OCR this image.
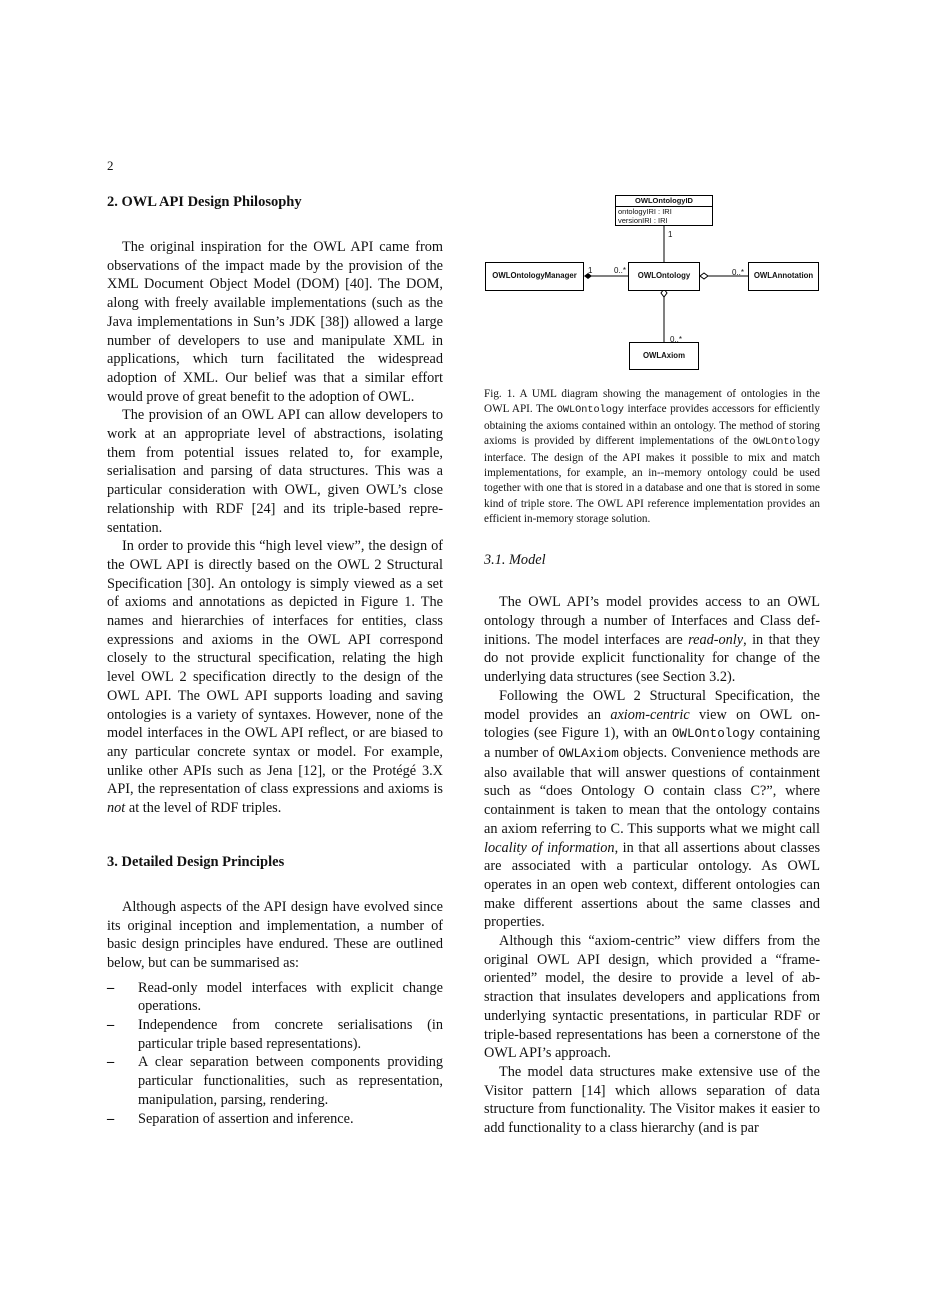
2
2. OWL API Design Philosophy

The original inspiration for the OWL API came from observations of the impact made by the provision of the XML Document Object Model (DOM) [40]. The DOM, along with freely available implementations (such as the Java implementations in Sun’s JDK [38]) allowed a large number of developers to use and manipulate XML in applications, which turn facilitated the widespread adoption of XML. Our belief was that a similar effort would prove of great benefit to the adoption of OWL.

The provision of an OWL API can allow developers to work at an appropriate level of abstractions, isolating them from potential issues related to, for example, serialisation and parsing of data structures. This was a particular consideration with OWL, given OWL’s close relationship with RDF [24] and its triple-based representation.

In order to provide this “high level view”, the design of the OWL API is directly based on the OWL 2 Structural Specification [30]. An ontology is simply viewed as a set of axioms and annotations as depicted in Figure 1. The names and hierarchies of interfaces for entities, class expressions and axioms in the OWL API correspond closely to the structural specification, relating the high level OWL 2 specification directly to the design of the OWL API. The OWL API supports loading and saving ontologies is a variety of syntaxes. However, none of the model interfaces in the OWL API reflect, or are biased to any particular concrete syntax or model. For example, unlike other APIs such as Jena [12], or the Protégé 3.X API, the representation of class expressions and axioms is not at the level of RDF triples.

3. Detailed Design Principles

Although aspects of the API design have evolved since its original inception and implementation, a number of basic design principles have endured. These are outlined below, but can be summarised as:

– Read-only model interfaces with explicit change operations.
– Independence from concrete serialisations (in particular triple based representations).
– A clear separation between components providing particular functionalities, such as representation, manipulation, parsing, rendering.
– Separation of assertion and inference.
OWLOntologyID
ontologyIRI : IRI
versionIRI : IRI
OWLOntologyManager	OWLOntology	OWLAnnotation
OWLAxiom
1
1	0..*	0..*
0..*
Fig. 1. A UML diagram showing the management of ontologies in the OWL API. The OWLOntology interface provides accessors for efficiently obtaining the axioms contained within an ontology. The method of storing axioms is provided by different implementations of the OWLOntology interface. The design of the API makes it possible to mix and match implementations, for example, an in--memory ontology could be used together with one that is stored in a database and one that is stored in some kind of triple store. The OWL API reference implementation provides an efficient in-memory storage solution.
3.1. Model

The OWL API’s model provides access to an OWL ontology through a number of Interfaces and Class definitions. The model interfaces are read-only, in that they do not provide explicit functionality for change of the underlying data structures (see Section 3.2).

Following the OWL 2 Structural Specification, the model provides an axiom-centric view on OWL ontologies (see Figure 1), with an OWLOntology containing a number of OWLAxiom objects. Convenience methods are also available that will answer questions of containment such as “does Ontology O contain class C?”, where containment is taken to mean that the ontology contains an axiom referring to C. This supports what we might call locality of information, in that all assertions about classes are associated with a particular ontology. As OWL operates in an open web context, different ontologies can make different assertions about the same classes and properties.

Although this “axiom-centric” view differs from the original OWL API design, which provided a “frame-oriented” model, the desire to provide a level of abstraction that insulates developers and applications from underlying syntactic presentations, in particular RDF or triple-based representations has been a cornerstone of the OWL API’s approach.

The model data structures make extensive use of the Visitor pattern [14] which allows separation of data structure from functionality. The Visitor makes it easier to add functionality to a class hierarchy (and is par
